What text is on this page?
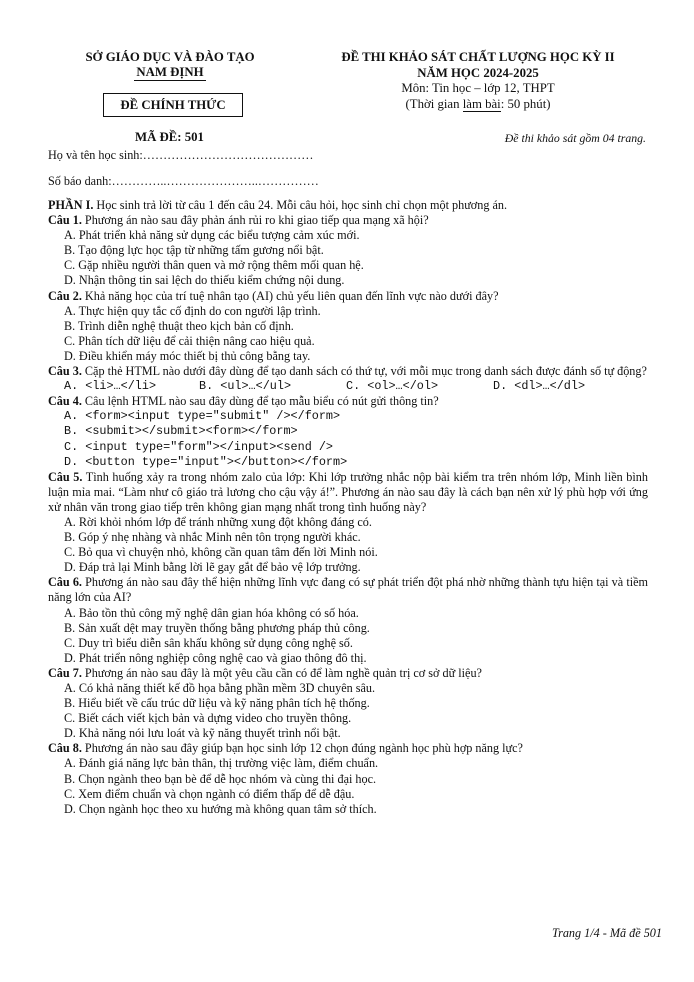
SỞ GIÁO DỤC VÀ ĐÀO TẠO
NAM ĐỊNH
ĐỀ CHÍNH THỨC
ĐỀ THI KHẢO SÁT CHẤT LƯỢNG HỌC KỲ II
NĂM HỌC 2024-2025
Môn: Tin học – lớp 12, THPT
(Thời gian làm bài: 50 phút)
MÃ ĐỀ: 501	Đề thi khảo sát gồm 04 trang.
Họ và tên học sinh:……………………………………
Số báo danh:…………..…………………..……………

PHẦN I. Học sinh trả lời từ câu 1 đến câu 24. Mỗi câu hỏi, học sinh chỉ chọn một phương án.

Câu 1. Phương án nào sau đây phản ánh rủi ro khi giao tiếp qua mạng xã hội?

A. Phát triển khả năng sử dụng các biểu tượng cảm xúc mới.

B. Tạo động lực học tập từ những tấm gương nổi bật.

C. Gặp nhiều người thân quen và mở rộng thêm mối quan hệ.

D. Nhận thông tin sai lệch do thiếu kiểm chứng nội dung.

Câu 2. Khả năng học của trí tuệ nhân tạo (AI) chủ yếu liên quan đến lĩnh vực nào dưới đây?

A. Thực hiện quy tắc cố định do con người lập trình.

B. Trình diễn nghệ thuật theo kịch bản cố định.

C. Phân tích dữ liệu để cải thiện nâng cao hiệu quả.

D. Điều khiển máy móc thiết bị thủ công bằng tay.

Câu 3. Cặp thẻ HTML nào dưới đây dùng để tạo danh sách có thứ tự, với mỗi mục trong danh sách được đánh số tự động?

A. <li>…</li>	B. <ul>…</ul>	C. <ol>…</ol>	D. <dl>…</dl>

Câu 4. Câu lệnh HTML nào sau đây dùng để tạo mẫu biểu có nút gửi thông tin?

A. <form><input type="submit" /></form>

B. <submit></submit><form></form>

C. <input type="form"></input><send />

D. <button type="input"></button></form>

Câu 5. Tình huống xảy ra trong nhóm zalo của lớp: Khi lớp trưởng nhắc nộp bài kiểm tra trên nhóm lớp, Minh liền bình luận mỉa mai. “Làm như cô giáo trả lương cho cậu vậy á!”. Phương án nào sau đây là cách bạn nên xử lý phù hợp với ứng xử nhân văn trong giao tiếp trên không gian mạng nhất trong tình huống này?

A. Rời khỏi nhóm lớp để tránh những xung đột không đáng có.

B. Góp ý nhẹ nhàng và nhắc Minh nên tôn trọng người khác.

C. Bỏ qua vì chuyện nhỏ, không cần quan tâm đến lời Minh nói.

D. Đáp trả lại Minh bằng lời lẽ gay gắt để bảo vệ lớp trưởng.

Câu 6. Phương án nào sau đây thể hiện những lĩnh vực đang có sự phát triển đột phá nhờ những thành tựu hiện tại và tiềm năng lớn của AI?

A. Bảo tồn thủ công mỹ nghệ dân gian hóa không có số hóa.

B. Sản xuất dệt may truyền thống bằng phương pháp thủ công.

C. Duy trì biểu diễn sân khấu không sử dụng công nghệ số.

D. Phát triển nông nghiệp công nghệ cao và giao thông đô thị.

Câu 7. Phương án nào sau đây là một yêu cầu cần có để làm nghề quản trị cơ sở dữ liệu?

A. Có khả năng thiết kế đồ họa bằng phần mềm 3D chuyên sâu.

B. Hiểu biết về cấu trúc dữ liệu và kỹ năng phân tích hệ thống.

C. Biết cách viết kịch bản và dựng video cho truyền thông.

D. Khả năng nói lưu loát và kỹ năng thuyết trình nổi bật.

Câu 8. Phương án nào sau đây giúp bạn học sinh lớp 12 chọn đúng ngành học phù hợp năng lực?

A. Đánh giá năng lực bản thân, thị trường việc làm, điểm chuẩn.

B. Chọn ngành theo bạn bè để dễ học nhóm và cùng thi đại học.

C. Xem điểm chuẩn và chọn ngành có điểm thấp để dễ đậu.

D. Chọn ngành học theo xu hướng mà không quan tâm sở thích.

Trang 1/4 - Mã đề 501
